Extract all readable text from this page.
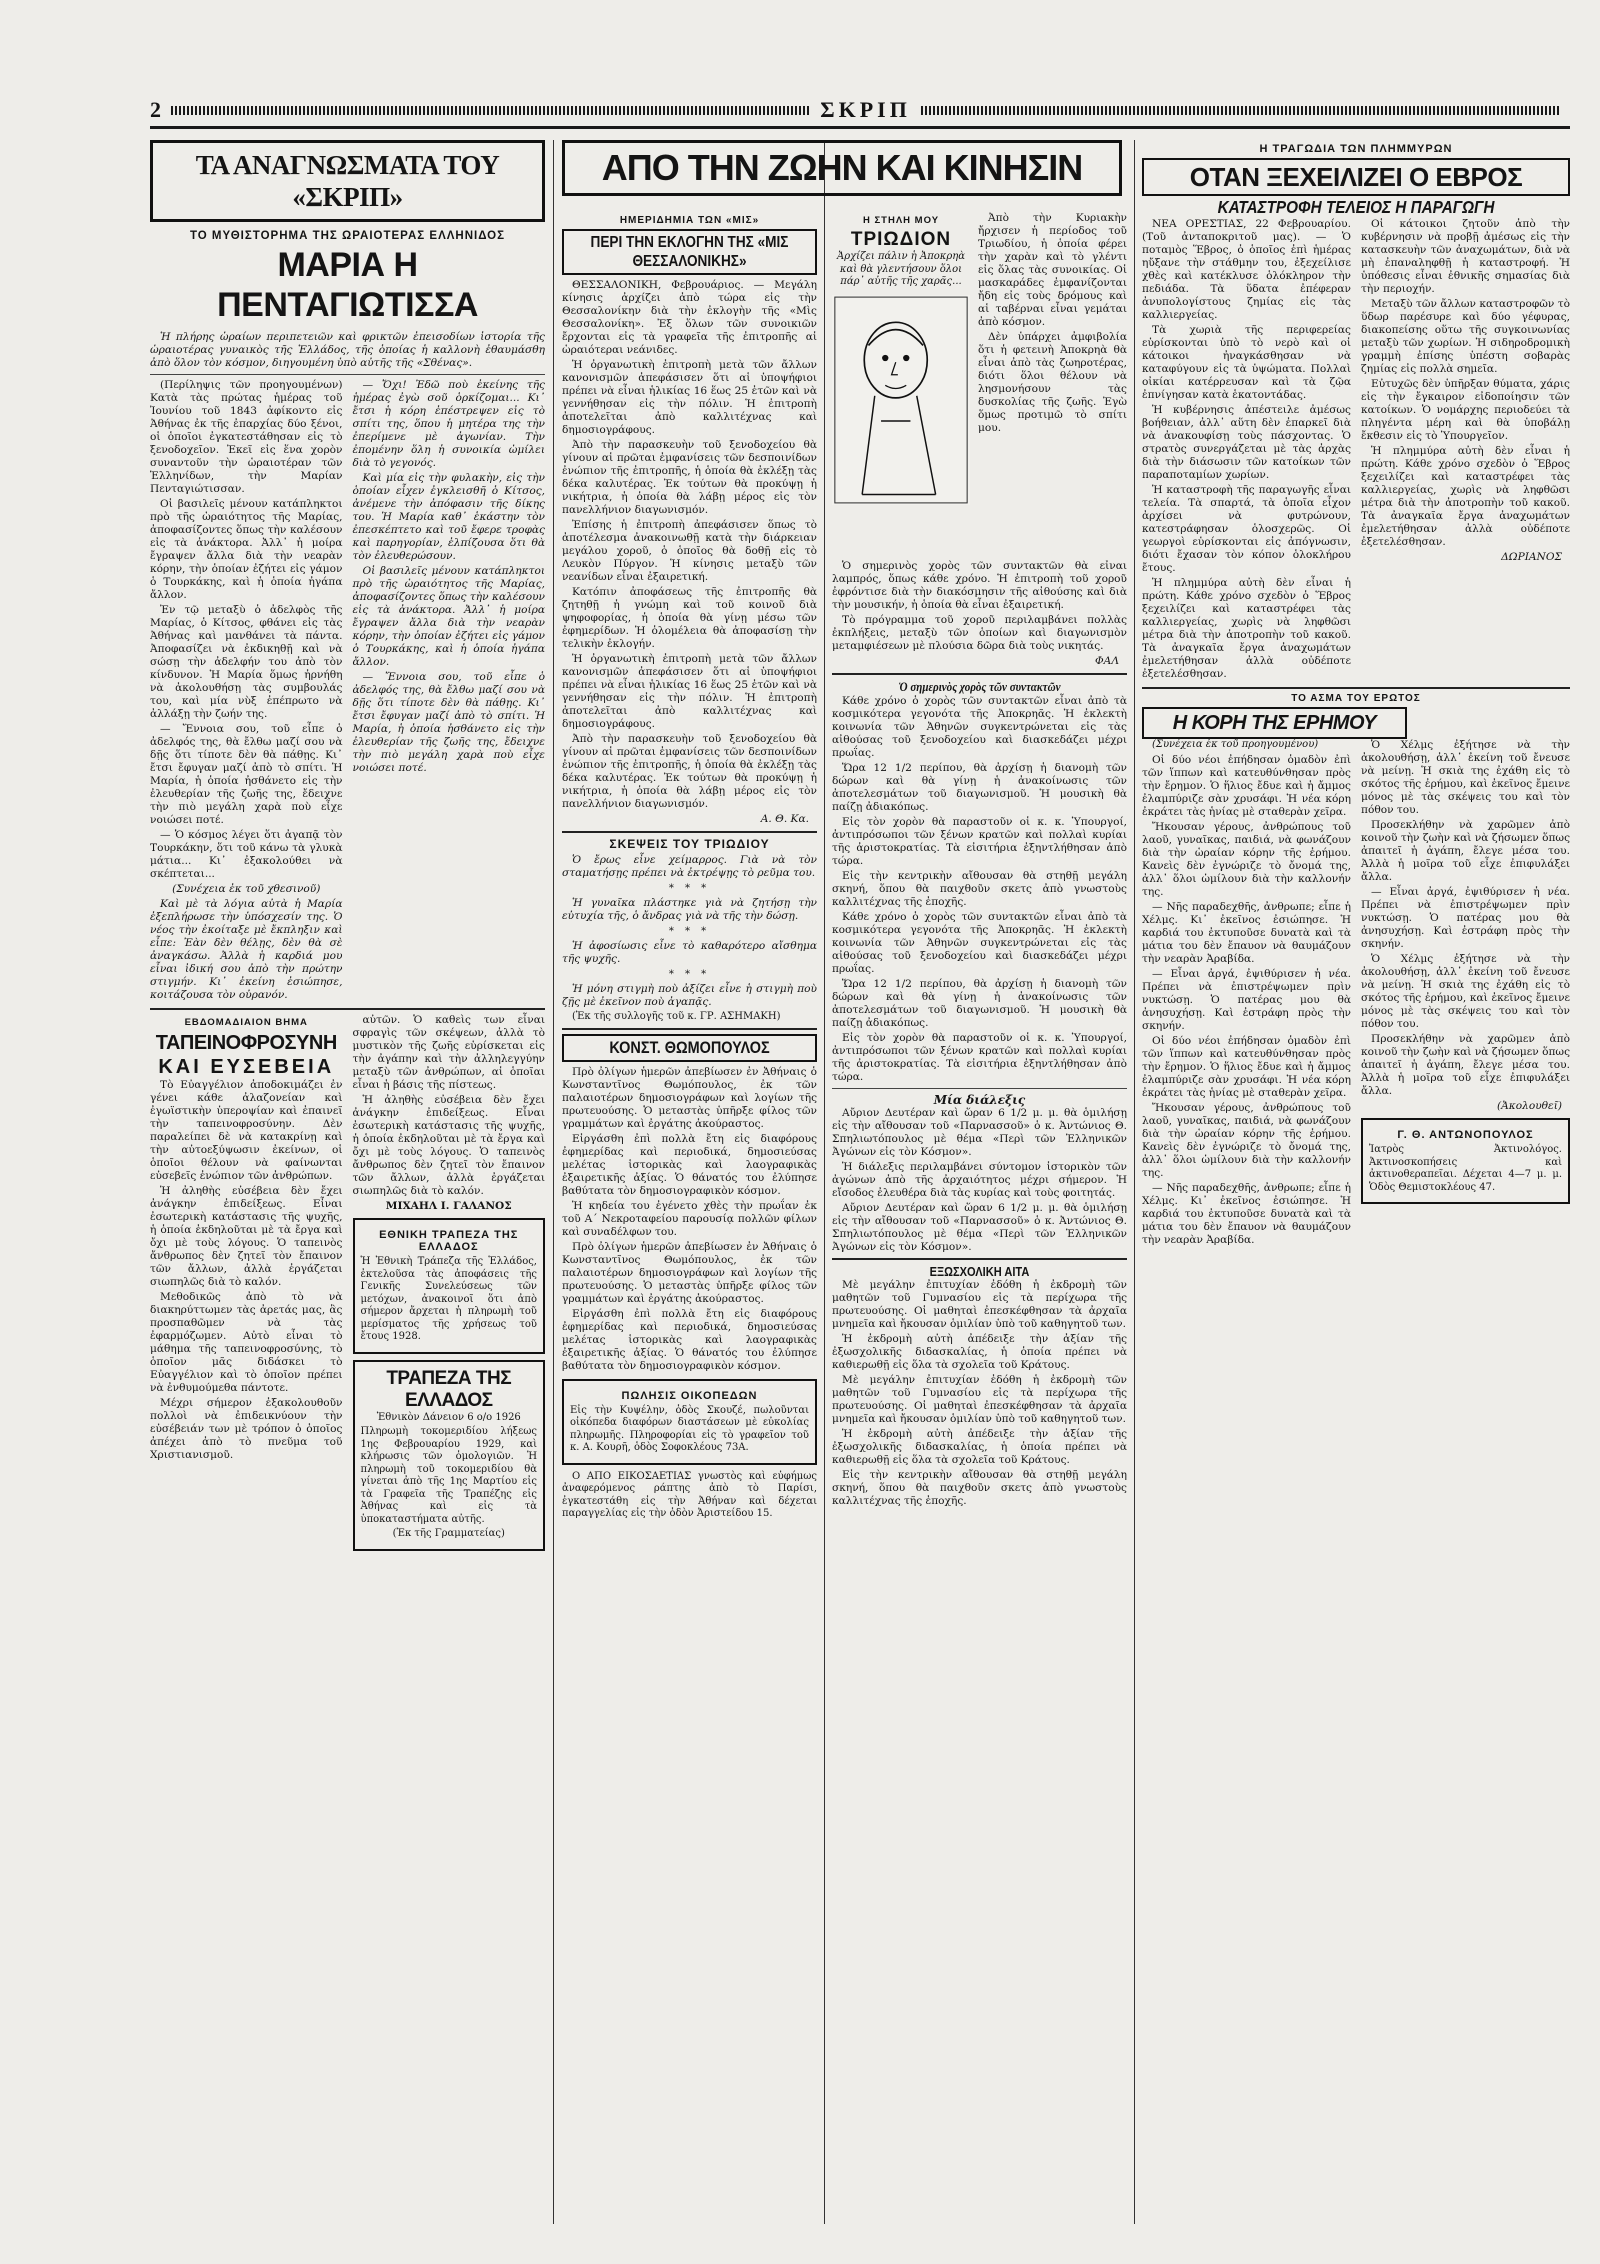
2	ΣΚΡΙΠ
ΤΑ ΑΝΑΓΝΩΣΜΑΤΑ ΤΟΥ «ΣΚΡΙΠ»
ΤΟ ΜΥΘΙΣΤΟΡΗΜΑ ΤΗΣ ΩΡΑΙΟΤΕΡΑΣ ΕΛΛΗΝΙΔΟΣ
ΜΑΡΙΑ Η ΠΕΝΤΑΓΙΩΤΙΣΣΑ

Ἡ πλήρης ὡραίων περιπετειῶν καὶ φρικτῶν ἐπεισοδίων ἱστορία τῆς ὡραιοτέρας γυναικὸς τῆς Ἑλλάδος, τῆς ὁποίας ἡ καλλονὴ ἐθαυμάσθη ἀπὸ ὅλον τὸν κόσμον, διηγουμένη ὑπὸ αὐτῆς τῆς «Σθένας».

(Περίληψις τῶν προηγουμένων) Κατὰ τὰς πρώτας ἡμέρας τοῦ Ἰουνίου τοῦ 1843 ἀφίκοντο εἰς Ἀθήνας ἐκ τῆς ἐπαρχίας δύο ξένοι, οἱ ὁποῖοι ἐγκατεστάθησαν εἰς τὸ ξενοδοχεῖον. Ἐκεῖ εἰς ἕνα χορὸν συναντοῦν τὴν ὡραιοτέραν τῶν Ἑλληνίδων, τὴν Μαρίαν Πενταγιώτισσαν.

Οἱ βασιλεῖς μένουν κατάπληκτοι πρὸ τῆς ὡραιότητος τῆς Μαρίας, ἀποφασίζοντες ὅπως τὴν καλέσουν εἰς τὰ ἀνάκτορα. Ἀλλ᾽ ἡ μοίρα ἔγραψεν ἄλλα διὰ τὴν νεαρὰν κόρην, τὴν ὁποίαν ἐζήτει εἰς γάμον ὁ Τουρκάκης, καὶ ἡ ὁποία ἠγάπα ἄλλον.

Ἐν τῷ μεταξὺ ὁ ἀδελφὸς τῆς Μαρίας, ὁ Κίτσος, φθάνει εἰς τὰς Ἀθήνας καὶ μανθάνει τὰ πάντα. Ἀποφασίζει νὰ ἐκδικηθῇ καὶ νὰ σώσῃ τὴν ἀδελφήν του ἀπὸ τὸν κίνδυνον. Ἡ Μαρία ὅμως ἠρνήθη νὰ ἀκολουθήσῃ τὰς συμβουλάς του, καὶ μία νὺξ ἐπέπρωτο νὰ ἀλλάξῃ τὴν ζωήν της.

— Ἔννοια σου, τοῦ εἶπε ὁ ἀδελφός της, θὰ ἔλθω μαζί σου νὰ δῇς ὅτι τίποτε δὲν θὰ πάθῃς. Κι᾽ ἔτσι ἔφυγαν μαζί ἀπὸ τὸ σπίτι. Ἡ Μαρία, ἡ ὁποία ἠσθάνετο εἰς τὴν ἐλευθερίαν τῆς ζωῆς της, ἔδειχνε τὴν πιὸ μεγάλη χαρὰ ποὺ εἶχε νοιώσει ποτέ.

— Ὁ κόσμος λέγει ὅτι ἀγαπᾷ τὸν Τουρκάκην, ὅτι τοῦ κάνω τὰ γλυκὰ μάτια... Κι᾽ ἐξακολούθει νὰ σκέπτεται...

(Συνέχεια ἐκ τοῦ χθεσινοῦ)

Καὶ μὲ τὰ λόγια αὐτὰ ἡ Μαρία ἐξεπλήρωσε τὴν ὑπόσχεσίν της. Ὁ νέος τὴν ἐκοίταξε μὲ ἔκπληξιν καὶ εἶπε: Ἐὰν δὲν θέλῃς, δὲν θὰ σὲ ἀναγκάσω. Ἀλλὰ ἡ καρδιά μου εἶναι ἰδική σου ἀπὸ τὴν πρώτην στιγμήν. Κι᾽ ἐκείνη ἐσιώπησε, κοιτάζουσα τὸν οὐρανόν.

— Ὄχι! Ἐδῶ ποὺ ἐκείνης τῆς ἡμέρας ἐγὼ σοῦ ὁρκίζομαι... Κι᾽ ἔτσι ἡ κόρη ἐπέστρεψεν εἰς τὸ σπίτι της, ὅπου ἡ μητέρα της τὴν ἐπερίμενε μὲ ἀγωνίαν. Τὴν ἐπομένην ὅλη ἡ συνοικία ὡμίλει διὰ τὸ γεγονός.

Καὶ μία εἰς τὴν φυλακὴν, εἰς τὴν ὁποίαν εἶχεν ἐγκλεισθῆ ὁ Κίτσος, ἀνέμενε τὴν ἀπόφασιν τῆς δίκης του. Ἡ Μαρία καθ᾽ ἑκάστην τὸν ἐπεσκέπτετο καὶ τοῦ ἔφερε τροφὰς καὶ παρηγορίαν, ἐλπίζουσα ὅτι θὰ τὸν ἐλευθερώσουν.

Οἱ βασιλεῖς μένουν κατάπληκτοι πρὸ τῆς ὡραιότητος τῆς Μαρίας, ἀποφασίζοντες ὅπως τὴν καλέσουν εἰς τὰ ἀνάκτορα. Ἀλλ᾽ ἡ μοίρα ἔγραψεν ἄλλα διὰ τὴν νεαρὰν κόρην, τὴν ὁποίαν ἐζήτει εἰς γάμον ὁ Τουρκάκης, καὶ ἡ ὁποία ἠγάπα ἄλλον.

— Ἔννοια σου, τοῦ εἶπε ὁ ἀδελφός της, θὰ ἔλθω μαζί σου νὰ δῇς ὅτι τίποτε δὲν θὰ πάθῃς. Κι᾽ ἔτσι ἔφυγαν μαζί ἀπὸ τὸ σπίτι. Ἡ Μαρία, ἡ ὁποία ἠσθάνετο εἰς τὴν ἐλευθερίαν τῆς ζωῆς της, ἔδειχνε τὴν πιὸ μεγάλη χαρὰ ποὺ εἶχε νοιώσει ποτέ.

ΕΒΔΟΜΑΔΙΑΙΟΝ ΒΗΜΑ
ΤΑΠΕΙΝΟΦΡΟΣΥΝΗ
ΚΑΙ ΕΥΣΕΒΕΙΑ

Τὸ Εὐαγγέλιον ἀποδοκιμάζει ἐν γένει κάθε ἀλαζονείαν καὶ ἐγωϊστικὴν ὑπεροψίαν καὶ ἐπαινεῖ τὴν ταπεινοφροσύνην. Δὲν παραλείπει δὲ νὰ κατακρίνῃ καὶ τὴν αὐτοεξύψωσιν ἐκείνων, οἱ ὁποῖοι θέλουν νὰ φαίνωνται εὐσεβεῖς ἐνώπιον τῶν ἀνθρώπων.

Ἡ ἀληθὴς εὐσέβεια δὲν ἔχει ἀνάγκην ἐπιδείξεως. Εἶναι ἐσωτερικὴ κατάστασις τῆς ψυχῆς, ἡ ὁποία ἐκδηλοῦται μὲ τὰ ἔργα καὶ ὄχι μὲ τοὺς λόγους. Ὁ ταπεινὸς ἄνθρωπος δὲν ζητεῖ τὸν ἔπαινον τῶν ἄλλων, ἀλλὰ ἐργάζεται σιωπηλῶς διὰ τὸ καλόν.

Μεθοδικῶς ἀπὸ τὸ νὰ διακηρύττωμεν τὰς ἀρετάς μας, ἂς προσπαθῶμεν νὰ τὰς ἐφαρμόζωμεν. Αὐτὸ εἶναι τὸ μάθημα τῆς ταπεινοφροσύνης, τὸ ὁποῖον μᾶς διδάσκει τὸ Εὐαγγέλιον καὶ τὸ ὁποῖον πρέπει νὰ ἐνθυμούμεθα πάντοτε.

Μέχρι σήμερον ἐξακολουθοῦν πολλοὶ νὰ ἐπιδεικνύουν τὴν εὐσέβειάν των μὲ τρόπον ὁ ὁποῖος ἀπέχει ἀπὸ τὸ πνεῦμα τοῦ Χριστιανισμοῦ.

αὐτῶν. Ὁ καθεὶς των εἶναι σφραγὶς τῶν σκέψεων, ἀλλὰ τὸ μυστικὸν τῆς ζωῆς εὑρίσκεται εἰς τὴν ἀγάπην καὶ τὴν ἀλληλεγγύην μεταξὺ τῶν ἀνθρώπων, αἱ ὁποῖαι εἶναι ἡ βάσις τῆς πίστεως.

Ἡ ἀληθὴς εὐσέβεια δὲν ἔχει ἀνάγκην ἐπιδείξεως. Εἶναι ἐσωτερικὴ κατάστασις τῆς ψυχῆς, ἡ ὁποία ἐκδηλοῦται μὲ τὰ ἔργα καὶ ὄχι μὲ τοὺς λόγους. Ὁ ταπεινὸς ἄνθρωπος δὲν ζητεῖ τὸν ἔπαινον τῶν ἄλλων, ἀλλὰ ἐργάζεται σιωπηλῶς διὰ τὸ καλόν.

ΜΙΧΑΗΛ Ι. ΓΑΛΑΝΟΣ
ΕΘΝΙΚΗ ΤΡΑΠΕΖΑ ΤΗΣ ΕΛΛΑΔΟΣ

Ἡ Ἐθνικὴ Τράπεζα τῆς Ἑλλάδος, ἐκτελοῦσα τὰς ἀποφάσεις τῆς Γενικῆς Συνελεύσεως τῶν μετόχων, ἀνακοινοῖ ὅτι ἀπὸ σήμερον ἄρχεται ἡ πληρωμὴ τοῦ μερίσματος τῆς χρήσεως τοῦ ἔτους 1928.

ΤΡΑΠΕΖΑ ΤΗΣ ΕΛΛΑΔΟΣ

Ἐθνικὸν Δάνειον 6 o/o 1926

Πληρωμὴ τοκομεριδίου λήξεως 1ης Φεβρουαρίου 1929, καὶ κλήρωσις τῶν ὁμολογιῶν. Ἡ πληρωμὴ τοῦ τοκομεριδίου θὰ γίνεται ἀπὸ τῆς 1ης Μαρτίου εἰς τὰ Γραφεῖα τῆς Τραπέζης εἰς Ἀθήνας καὶ εἰς τὰ ὑποκαταστήματα αὐτῆς.

(Ἐκ τῆς Γραμματείας)

ΑΠΟ ΤΗΝ ΖΩΗΝ ΚΑΙ ΚΙΝΗΣΙΝ
ΗΜΕΡΙΔΗΜΙΑ ΤΩΝ «ΜΙΣ»
ΠΕΡΙ ΤΗΝ ΕΚΛΟΓΗΝ ΤΗΣ «ΜΙΣ ΘΕΣΣΑΛΟΝΙΚΗΣ»

ΘΕΣΣΑΛΟΝΙΚΗ, Φεβρουάριος. — Μεγάλη κίνησις ἀρχίζει ἀπὸ τώρα εἰς τὴν Θεσσαλονίκην διὰ τὴν ἐκλογὴν τῆς «Μὶς Θεσσαλονίκη». Ἐξ ὅλων τῶν συνοικιῶν ἔρχονται εἰς τὰ γραφεῖα τῆς ἐπιτροπῆς αἱ ὡραιότεραι νεάνιδες.

Ἡ ὀργανωτικὴ ἐπιτροπὴ μετὰ τῶν ἄλλων κανονισμῶν ἀπεφάσισεν ὅτι αἱ ὑποψήφιοι πρέπει νὰ εἶναι ἡλικίας 16 ἕως 25 ἐτῶν καὶ νὰ γεννήθησαν εἰς τὴν πόλιν. Ἡ ἐπιτροπὴ ἀποτελεῖται ἀπὸ καλλιτέχνας καὶ δημοσιογράφους.

Ἀπὸ τὴν παρασκευὴν τοῦ ξενοδοχείου θὰ γίνουν αἱ πρῶται ἐμφανίσεις τῶν δεσποινίδων ἐνώπιον τῆς ἐπιτροπῆς, ἡ ὁποία θὰ ἐκλέξῃ τὰς δέκα καλυτέρας. Ἐκ τούτων θὰ προκύψῃ ἡ νικήτρια, ἡ ὁποία θὰ λάβῃ μέρος εἰς τὸν πανελλήνιον διαγωνισμόν.

Ἐπίσης ἡ ἐπιτροπὴ ἀπεφάσισεν ὅπως τὸ ἀποτέλεσμα ἀνακοινωθῇ κατὰ τὴν διάρκειαν μεγάλου χοροῦ, ὁ ὁποῖος θὰ δοθῇ εἰς τὸ Λευκὸν Πύργον. Ἡ κίνησις μεταξὺ τῶν νεανίδων εἶναι ἐξαιρετική.

Κατόπιν ἀποφάσεως τῆς ἐπιτροπῆς θὰ ζητηθῇ ἡ γνώμη καὶ τοῦ κοινοῦ διὰ ψηφοφορίας, ἡ ὁποία θὰ γίνῃ μέσω τῶν ἐφημερίδων. Ἡ ὁλομέλεια θὰ ἀποφασίσῃ τὴν τελικὴν ἐκλογήν.

Ἡ ὀργανωτικὴ ἐπιτροπὴ μετὰ τῶν ἄλλων κανονισμῶν ἀπεφάσισεν ὅτι αἱ ὑποψήφιοι πρέπει νὰ εἶναι ἡλικίας 16 ἕως 25 ἐτῶν καὶ νὰ γεννήθησαν εἰς τὴν πόλιν. Ἡ ἐπιτροπὴ ἀποτελεῖται ἀπὸ καλλιτέχνας καὶ δημοσιογράφους.

Ἀπὸ τὴν παρασκευὴν τοῦ ξενοδοχείου θὰ γίνουν αἱ πρῶται ἐμφανίσεις τῶν δεσποινίδων ἐνώπιον τῆς ἐπιτροπῆς, ἡ ὁποία θὰ ἐκλέξῃ τὰς δέκα καλυτέρας. Ἐκ τούτων θὰ προκύψῃ ἡ νικήτρια, ἡ ὁποία θὰ λάβῃ μέρος εἰς τὸν πανελλήνιον διαγωνισμόν.

Α. Θ. Κα.
ΣΚΕΨΕΙΣ ΤΟΥ ΤΡΙΩΔΙΟΥ

Ὁ ἔρως εἶνε χείμαρρος. Γιὰ νὰ τὸν σταματήσῃς πρέπει νὰ ἐκτρέψῃς τὸ ρεῦμα του.

* * *

Ἡ γυναῖκα πλάστηκε γιὰ νὰ ζητήσῃ τὴν εὐτυχία τῆς, ὁ ἄνδρας γιὰ νὰ τῆς τὴν δώσῃ.

* * *

Ἡ ἀφοσίωσις εἶνε τὸ καθαρότερο αἴσθημα τῆς ψυχῆς.

* * *

Ἡ μόνη στιγμὴ ποὺ ἀξίζει εἶνε ἡ στιγμὴ ποὺ ζῇς μὲ ἐκεῖνον ποὺ ἀγαπᾷς.

(Ἐκ τῆς συλλογῆς τοῦ κ. ΓΡ. ΑΣΗΜΑΚΗ)

ΚΟΝΣΤ. ΘΩΜΟΠΟΥΛΟΣ

Πρὸ ὀλίγων ἡμερῶν ἀπεβίωσεν ἐν Ἀθήναις ὁ Κωνσταντῖνος Θωμόπουλος, ἐκ τῶν παλαιοτέρων δημοσιογράφων καὶ λογίων τῆς πρωτευούσης. Ὁ μεταστὰς ὑπῆρξε φίλος τῶν γραμμάτων καὶ ἐργάτης ἀκούραστος.

Εἰργάσθη ἐπὶ πολλὰ ἔτη εἰς διαφόρους ἐφημερίδας καὶ περιοδικά, δημοσιεύσας μελέτας ἱστορικὰς καὶ λαογραφικὰς ἐξαιρετικῆς ἀξίας. Ὁ θάνατός του ἐλύπησε βαθύτατα τὸν δημοσιογραφικὸν κόσμον.

Ἡ κηδεία του ἐγένετο χθὲς τὴν πρωΐαν ἐκ τοῦ Α΄ Νεκροταφείου παρουσίᾳ πολλῶν φίλων καὶ συναδέλφων του.

Πρὸ ὀλίγων ἡμερῶν ἀπεβίωσεν ἐν Ἀθήναις ὁ Κωνσταντῖνος Θωμόπουλος, ἐκ τῶν παλαιοτέρων δημοσιογράφων καὶ λογίων τῆς πρωτευούσης. Ὁ μεταστὰς ὑπῆρξε φίλος τῶν γραμμάτων καὶ ἐργάτης ἀκούραστος.

Εἰργάσθη ἐπὶ πολλὰ ἔτη εἰς διαφόρους ἐφημερίδας καὶ περιοδικά, δημοσιεύσας μελέτας ἱστορικὰς καὶ λαογραφικὰς ἐξαιρετικῆς ἀξίας. Ὁ θάνατός του ἐλύπησε βαθύτατα τὸν δημοσιογραφικὸν κόσμον.

ΠΩΛΗΣΙΣ ΟΙΚΟΠΕΔΩΝ

Εἰς τὴν Κυψέλην, ὁδὸς Σκουζέ, πωλοῦνται οἰκόπεδα διαφόρων διαστάσεων μὲ εὐκολίας πληρωμῆς. Πληροφορίαι εἰς τὸ γραφεῖον τοῦ κ. Α. Κουρῆ, ὁδὸς Σοφοκλέους 73Α.

Ο ΑΠΟ ΕΙΚΟΣΑΕΤΙΑΣ γνωστὸς καὶ εὐφήμως ἀναφερόμενος ράπτης ἀπὸ τὸ Παρίσι, ἐγκατεστάθη εἰς τὴν Ἀθήναν καὶ δέχεται παραγγελίας εἰς τὴν ὁδὸν Ἀριστείδου 15.

Η ΣΤΗΛΗ ΜΟΥ
ΤΡΙΩΔΙΟΝ

Ἀρχίζει πάλιν ἡ Ἀποκρηὰ καὶ θὰ γλεντήσουν ὅλοι πάρ᾽ αὐτῆς τῆς χαρᾶς...

Ἀπὸ τὴν Κυριακὴν ἤρχισεν ἡ περίοδος τοῦ Τριωδίου, ἡ ὁποία φέρει τὴν χαρὰν καὶ τὸ γλέντι εἰς ὅλας τὰς συνοικίας. Οἱ μασκαράδες ἐμφανίζονται ἤδη εἰς τοὺς δρόμους καὶ αἱ ταβέρναι εἶναι γεμάται ἀπὸ κόσμον.

Δὲν ὑπάρχει ἀμφιβολία ὅτι ἡ φετεινὴ Ἀποκρηὰ θὰ εἶναι ἀπὸ τὰς ζωηροτέρας, διότι ὅλοι θέλουν νὰ λησμονήσουν τὰς δυσκολίας τῆς ζωῆς. Ἐγὼ ὅμως προτιμῶ τὸ σπίτι μου.

Ὁ σημερινὸς χορὸς τῶν συντακτῶν θὰ εἶναι λαμπρός, ὅπως κάθε χρόνο. Ἡ ἐπιτροπὴ τοῦ χοροῦ ἐφρόντισε διὰ τὴν διακόσμησιν τῆς αἰθούσης καὶ διὰ τὴν μουσικήν, ἡ ὁποία θὰ εἶναι ἐξαιρετική.

Τὸ πρόγραμμα τοῦ χοροῦ περιλαμβάνει πολλὰς ἐκπλήξεις, μεταξὺ τῶν ὁποίων καὶ διαγωνισμὸν μεταμφιέσεων μὲ πλούσια δῶρα διὰ τοὺς νικητάς.

ΦΑΛ
Ὁ σημερινὸς χορὸς τῶν συντακτῶν

Κάθε χρόνο ὁ χορὸς τῶν συντακτῶν εἶναι ἀπὸ τὰ κοσμικότερα γεγονότα τῆς Ἀποκρηᾶς. Ἡ ἐκλεκτὴ κοινωνία τῶν Ἀθηνῶν συγκεντρώνεται εἰς τὰς αἰθούσας τοῦ ξενοδοχείου καὶ διασκεδάζει μέχρι πρωΐας.

Ὥρα 12 1/2 περίπου, θὰ ἀρχίσῃ ἡ διανομὴ τῶν δώρων καὶ θὰ γίνῃ ἡ ἀνακοίνωσις τῶν ἀποτελεσμάτων τοῦ διαγωνισμοῦ. Ἡ μουσικὴ θὰ παίζῃ ἀδιακόπως.

Εἰς τὸν χορὸν θὰ παραστοῦν οἱ κ. κ. Ὑπουργοί, ἀντιπρόσωποι τῶν ξένων κρατῶν καὶ πολλαὶ κυρίαι τῆς ἀριστοκρατίας. Τὰ εἰσιτήρια ἐξηντλήθησαν ἀπὸ τώρα.

Εἰς τὴν κεντρικὴν αἴθουσαν θὰ στηθῇ μεγάλη σκηνή, ὅπου θὰ παιχθοῦν σκετς ἀπὸ γνωστοὺς καλλιτέχνας τῆς ἐποχῆς.

Κάθε χρόνο ὁ χορὸς τῶν συντακτῶν εἶναι ἀπὸ τὰ κοσμικότερα γεγονότα τῆς Ἀποκρηᾶς. Ἡ ἐκλεκτὴ κοινωνία τῶν Ἀθηνῶν συγκεντρώνεται εἰς τὰς αἰθούσας τοῦ ξενοδοχείου καὶ διασκεδάζει μέχρι πρωΐας.

Ὥρα 12 1/2 περίπου, θὰ ἀρχίσῃ ἡ διανομὴ τῶν δώρων καὶ θὰ γίνῃ ἡ ἀνακοίνωσις τῶν ἀποτελεσμάτων τοῦ διαγωνισμοῦ. Ἡ μουσικὴ θὰ παίζῃ ἀδιακόπως.

Εἰς τὸν χορὸν θὰ παραστοῦν οἱ κ. κ. Ὑπουργοί, ἀντιπρόσωποι τῶν ξένων κρατῶν καὶ πολλαὶ κυρίαι τῆς ἀριστοκρατίας. Τὰ εἰσιτήρια ἐξηντλήθησαν ἀπὸ τώρα.

Μία διάλεξις

Αὔριον Δευτέραν καὶ ὥραν 6 1/2 μ. μ. θὰ ὁμιλήσῃ εἰς τὴν αἴθουσαν τοῦ «Παρνασσοῦ» ὁ κ. Ἀντώνιος Θ. Σπηλιωτόπουλος μὲ θέμα «Περὶ τῶν Ἑλληνικῶν Ἀγώνων εἰς τὸν Κόσμον».

Ἡ διάλεξις περιλαμβάνει σύντομον ἱστορικὸν τῶν ἀγώνων ἀπὸ τῆς ἀρχαιότητος μέχρι σήμερον. Ἡ εἴσοδος ἐλευθέρα διὰ τὰς κυρίας καὶ τοὺς φοιτητάς.

Αὔριον Δευτέραν καὶ ὥραν 6 1/2 μ. μ. θὰ ὁμιλήσῃ εἰς τὴν αἴθουσαν τοῦ «Παρνασσοῦ» ὁ κ. Ἀντώνιος Θ. Σπηλιωτόπουλος μὲ θέμα «Περὶ τῶν Ἑλληνικῶν Ἀγώνων εἰς τὸν Κόσμον».

ΕΞΩΣΧΟΛΙΚΗ ΑΙΤΑ

Μὲ μεγάλην ἐπιτυχίαν ἐδόθη ἡ ἐκδρομὴ τῶν μαθητῶν τοῦ Γυμνασίου εἰς τὰ περίχωρα τῆς πρωτευούσης. Οἱ μαθηταὶ ἐπεσκέφθησαν τὰ ἀρχαῖα μνημεῖα καὶ ἤκουσαν ὁμιλίαν ὑπὸ τοῦ καθηγητοῦ των.

Ἡ ἐκδρομὴ αὐτὴ ἀπέδειξε τὴν ἀξίαν τῆς ἐξωσχολικῆς διδασκαλίας, ἡ ὁποία πρέπει νὰ καθιερωθῇ εἰς ὅλα τὰ σχολεῖα τοῦ Κράτους.

Μὲ μεγάλην ἐπιτυχίαν ἐδόθη ἡ ἐκδρομὴ τῶν μαθητῶν τοῦ Γυμνασίου εἰς τὰ περίχωρα τῆς πρωτευούσης. Οἱ μαθηταὶ ἐπεσκέφθησαν τὰ ἀρχαῖα μνημεῖα καὶ ἤκουσαν ὁμιλίαν ὑπὸ τοῦ καθηγητοῦ των.

Ἡ ἐκδρομὴ αὐτὴ ἀπέδειξε τὴν ἀξίαν τῆς ἐξωσχολικῆς διδασκαλίας, ἡ ὁποία πρέπει νὰ καθιερωθῇ εἰς ὅλα τὰ σχολεῖα τοῦ Κράτους.

Εἰς τὴν κεντρικὴν αἴθουσαν θὰ στηθῇ μεγάλη σκηνή, ὅπου θὰ παιχθοῦν σκετς ἀπὸ γνωστοὺς καλλιτέχνας τῆς ἐποχῆς.

Η ΤΡΑΓΩΔΙΑ ΤΩΝ ΠΛΗΜΜΥΡΩΝ
ΟΤΑΝ ΞΕΧΕΙΛΙΖΕΙ Ο ΕΒΡΟΣ
ΚΑΤΑΣΤΡΟΦΗ ΤΕΛΕΙΟΣ Η ΠΑΡΑΓΩΓΗ

ΝΕΑ ΟΡΕΣΤΙΑΣ, 22 Φεβρουαρίου. (Τοῦ ἀνταποκριτοῦ μας). — Ὁ ποταμὸς Ἕβρος, ὁ ὁποῖος ἐπὶ ἡμέρας ηὔξανε τὴν στάθμην του, ἐξεχείλισε χθὲς καὶ κατέκλυσε ὁλόκληρον τὴν πεδιάδα. Τὰ ὕδατα ἐπέφεραν ἀνυπολογίστους ζημίας εἰς τὰς καλλιεργείας.

Τὰ χωριὰ τῆς περιφερείας εὑρίσκονται ὑπὸ τὸ νερὸ καὶ οἱ κάτοικοι ἠναγκάσθησαν νὰ καταφύγουν εἰς τὰ ὑψώματα. Πολλαὶ οἰκίαι κατέρρευσαν καὶ τὰ ζῷα ἐπνίγησαν κατὰ ἑκατοντάδας.

Ἡ κυβέρνησις ἀπέστειλε ἀμέσως βοήθειαν, ἀλλ᾽ αὕτη δὲν ἐπαρκεῖ διὰ νὰ ἀνακουφίσῃ τοὺς πάσχοντας. Ὁ στρατὸς συνεργάζεται μὲ τὰς ἀρχὰς διὰ τὴν διάσωσιν τῶν κατοίκων τῶν παραποταμίων χωρίων.

Ἡ καταστροφὴ τῆς παραγωγῆς εἶναι τελεία. Τὰ σπαρτά, τὰ ὁποῖα εἶχον ἀρχίσει νὰ φυτρώνουν, κατεστράφησαν ὁλοσχερῶς. Οἱ γεωργοὶ εὑρίσκονται εἰς ἀπόγνωσιν, διότι ἔχασαν τὸν κόπον ὁλοκλήρου ἔτους.

Ἡ πλημμύρα αὐτὴ δὲν εἶναι ἡ πρώτη. Κάθε χρόνο σχεδὸν ὁ Ἕβρος ξεχειλίζει καὶ καταστρέφει τὰς καλλιεργείας, χωρὶς νὰ ληφθῶσι μέτρα διὰ τὴν ἀποτροπὴν τοῦ κακοῦ. Τὰ ἀναγκαῖα ἔργα ἀναχωμάτων ἐμελετήθησαν ἀλλὰ οὐδέποτε ἐξετελέσθησαν.

Οἱ κάτοικοι ζητοῦν ἀπὸ τὴν κυβέρνησιν νὰ προβῇ ἀμέσως εἰς τὴν κατασκευὴν τῶν ἀναχωμάτων, διὰ νὰ μὴ ἐπαναληφθῇ ἡ καταστροφή. Ἡ ὑπόθεσις εἶναι ἐθνικῆς σημασίας διὰ τὴν περιοχήν.

Μεταξὺ τῶν ἄλλων καταστροφῶν τὸ ὕδωρ παρέσυρε καὶ δύο γέφυρας, διακοπείσης οὕτω τῆς συγκοινωνίας μεταξὺ τῶν χωρίων. Ἡ σιδηροδρομικὴ γραμμὴ ἐπίσης ὑπέστη σοβαρὰς ζημίας εἰς πολλὰ σημεῖα.

Εὐτυχῶς δὲν ὑπῆρξαν θύματα, χάρις εἰς τὴν ἔγκαιρον εἰδοποίησιν τῶν κατοίκων. Ὁ νομάρχης περιοδεύει τὰ πληγέντα μέρη καὶ θὰ ὑποβάλῃ ἔκθεσιν εἰς τὸ Ὑπουργεῖον.

Ἡ πλημμύρα αὐτὴ δὲν εἶναι ἡ πρώτη. Κάθε χρόνο σχεδὸν ὁ Ἕβρος ξεχειλίζει καὶ καταστρέφει τὰς καλλιεργείας, χωρὶς νὰ ληφθῶσι μέτρα διὰ τὴν ἀποτροπὴν τοῦ κακοῦ. Τὰ ἀναγκαῖα ἔργα ἀναχωμάτων ἐμελετήθησαν ἀλλὰ οὐδέποτε ἐξετελέσθησαν.

ΔΩΡΙΑΝΟΣ
ΤΟ ΑΣΜΑ ΤΟΥ ΕΡΩΤΟΣ
Η ΚΟΡΗ ΤΗΣ ΕΡΗΜΟΥ

(Συνέχεια ἐκ τοῦ προηγουμένου)

Οἱ δύο νέοι ἐπήδησαν ὁμαδὸν ἐπὶ τῶν ἵππων καὶ κατευθύνθησαν πρὸς τὴν ἔρημον. Ὁ ἥλιος ἔδυε καὶ ἡ ἄμμος ἐλαμπύριζε σὰν χρυσάφι. Ἡ νέα κόρη ἐκράτει τὰς ἡνίας μὲ σταθερὰν χεῖρα.

Ἤκουσαν γέρους, ἀνθρώπους τοῦ λαοῦ, γυναῖκας, παιδιά, νὰ φωνάζουν διὰ τὴν ὡραίαν κόρην τῆς ἐρήμου. Κανεὶς δὲν ἐγνώριζε τὸ ὄνομά της, ἀλλ᾽ ὅλοι ὡμίλουν διὰ τὴν καλλονήν της.

— Νῆς παραδεχθῆς, ἀνθρωπε; εἶπε ἡ Χέλμς. Κι᾽ ἐκεῖνος ἐσιώπησε. Ἡ καρδιά του ἐκτυποῦσε δυνατὰ καὶ τὰ μάτια του δὲν ἔπαυον νὰ θαυμάζουν τὴν νεαρὰν Ἀραβίδα.

— Εἶναι ἀργά, ἐψιθύρισεν ἡ νέα. Πρέπει νὰ ἐπιστρέψωμεν πρὶν νυκτώσῃ. Ὁ πατέρας μου θὰ ἀνησυχήσῃ. Καὶ ἐστράφη πρὸς τὴν σκηνήν.

Οἱ δύο νέοι ἐπήδησαν ὁμαδὸν ἐπὶ τῶν ἵππων καὶ κατευθύνθησαν πρὸς τὴν ἔρημον. Ὁ ἥλιος ἔδυε καὶ ἡ ἄμμος ἐλαμπύριζε σὰν χρυσάφι. Ἡ νέα κόρη ἐκράτει τὰς ἡνίας μὲ σταθερὰν χεῖρα.

Ἤκουσαν γέρους, ἀνθρώπους τοῦ λαοῦ, γυναῖκας, παιδιά, νὰ φωνάζουν διὰ τὴν ὡραίαν κόρην τῆς ἐρήμου. Κανεὶς δὲν ἐγνώριζε τὸ ὄνομά της, ἀλλ᾽ ὅλοι ὡμίλουν διὰ τὴν καλλονήν της.

— Νῆς παραδεχθῆς, ἀνθρωπε; εἶπε ἡ Χέλμς. Κι᾽ ἐκεῖνος ἐσιώπησε. Ἡ καρδιά του ἐκτυποῦσε δυνατὰ καὶ τὰ μάτια του δὲν ἔπαυον νὰ θαυμάζουν τὴν νεαρὰν Ἀραβίδα.

Ὁ Χέλμς ἐξήτησε νὰ τὴν ἀκολουθήσῃ, ἀλλ᾽ ἐκείνη τοῦ ἔνευσε νὰ μείνῃ. Ἡ σκιὰ της ἐχάθη εἰς τὸ σκότος τῆς ἐρήμου, καὶ ἐκεῖνος ἔμεινε μόνος μὲ τὰς σκέψεις του καὶ τὸν πόθον του.

Προσεκλήθην νὰ χαρῶμεν ἀπὸ κοινοῦ τὴν ζωὴν καὶ νὰ ζήσωμεν ὅπως ἀπαιτεῖ ἡ ἀγάπη, ἔλεγε μέσα του. Ἀλλὰ ἡ μοῖρα τοῦ εἶχε ἐπιφυλάξει ἄλλα.

— Εἶναι ἀργά, ἐψιθύρισεν ἡ νέα. Πρέπει νὰ ἐπιστρέψωμεν πρὶν νυκτώσῃ. Ὁ πατέρας μου θὰ ἀνησυχήσῃ. Καὶ ἐστράφη πρὸς τὴν σκηνήν.

Ὁ Χέλμς ἐξήτησε νὰ τὴν ἀκολουθήσῃ, ἀλλ᾽ ἐκείνη τοῦ ἔνευσε νὰ μείνῃ. Ἡ σκιὰ της ἐχάθη εἰς τὸ σκότος τῆς ἐρήμου, καὶ ἐκεῖνος ἔμεινε μόνος μὲ τὰς σκέψεις του καὶ τὸν πόθον του.

Προσεκλήθην νὰ χαρῶμεν ἀπὸ κοινοῦ τὴν ζωὴν καὶ νὰ ζήσωμεν ὅπως ἀπαιτεῖ ἡ ἀγάπη, ἔλεγε μέσα του. Ἀλλὰ ἡ μοῖρα τοῦ εἶχε ἐπιφυλάξει ἄλλα.

(Ἀκολουθεῖ)
Γ. Θ. ΑΝΤΩΝΟΠΟΥΛΟΣ

Ἰατρὸς Ἀκτινολόγος. Ἀκτινοσκοπήσεις καὶ ἀκτινοθεραπεῖαι. Δέχεται 4—7 μ. μ. Ὁδὸς Θεμιστοκλέους 47.
